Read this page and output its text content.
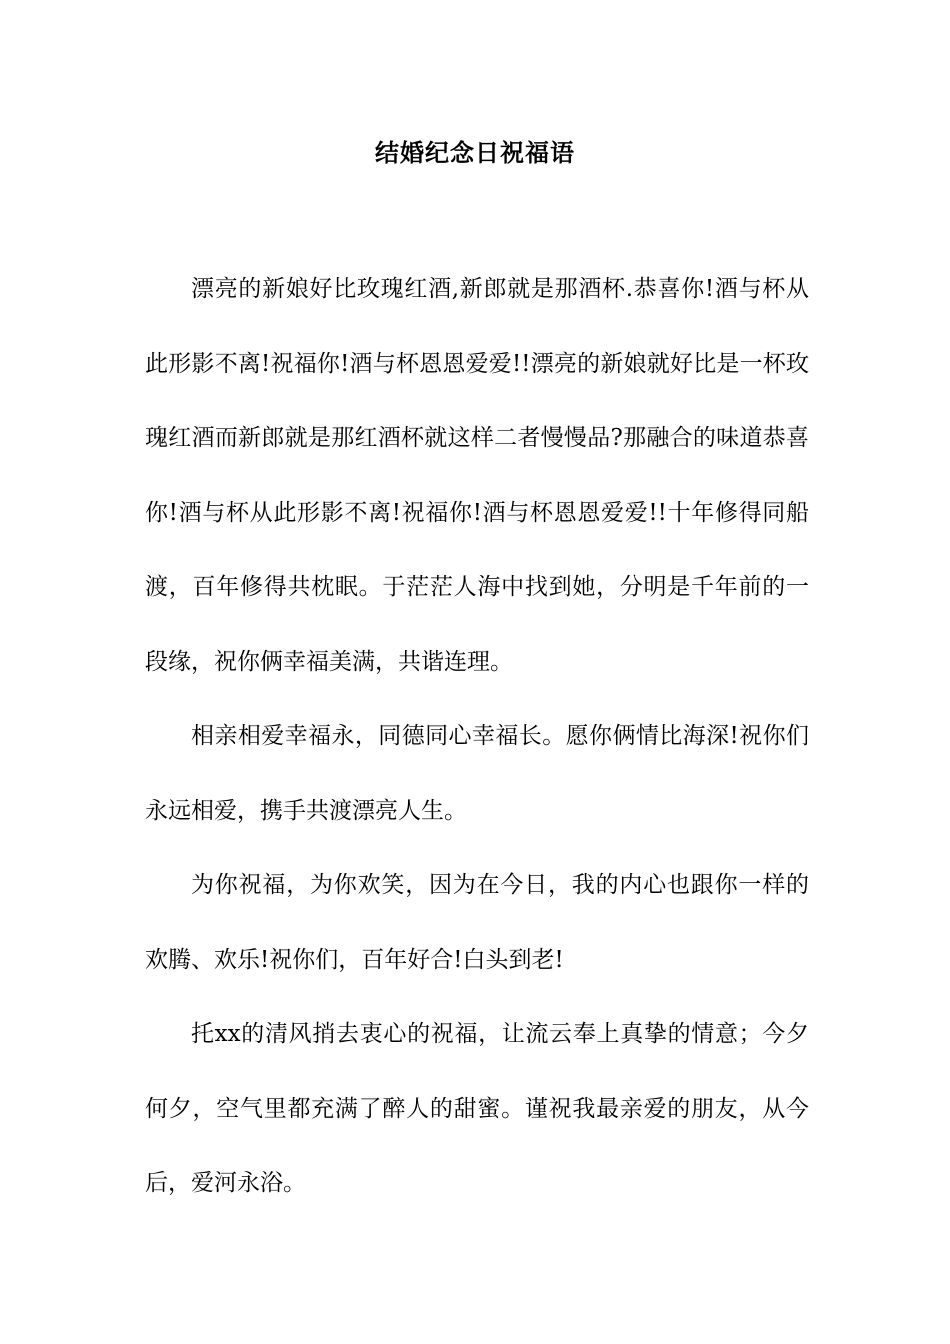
结婚纪念日祝福语

漂亮的新娘好比玫瑰红酒,新郎就是那酒杯.恭喜你!酒与杯从此形影不离!祝福你!酒与杯恩恩爱爱!!漂亮的新娘就好比是一杯玫瑰红酒而新郎就是那红酒杯就这样二者慢慢品?那融合的味道恭喜你!酒与杯从此形影不离!祝福你!酒与杯恩恩爱爱!!十年修得同船渡，百年修得共枕眠。于茫茫人海中找到她，分明是千年前的一段缘，祝你俩幸福美满，共谐连理。

相亲相爱幸福永，同德同心幸福长。愿你俩情比海深!祝你们永远相爱，携手共渡漂亮人生。

为你祝福，为你欢笑，因为在今日，我的内心也跟你一样的欢腾、欢乐!祝你们，百年好合!白头到老!

托xx的清风捎去衷心的祝福，让流云奉上真挚的情意；今夕何夕，空气里都充满了醉人的甜蜜。谨祝我最亲爱的朋友，从今后，爱河永浴。
